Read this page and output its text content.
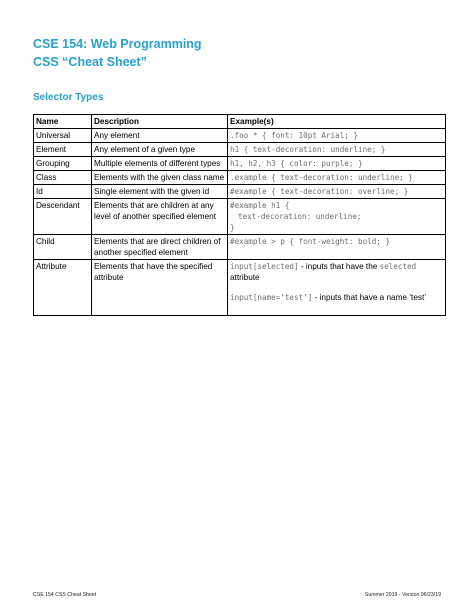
CSE 154: Web Programming
CSS “Cheat Sheet”
Selector Types
Name	Description	Example(s)
Universal	Any element	.foo * { font: 10pt Arial; }
Element	Any element of a given type	h1 { text-decoration: underline; }
Grouping	Multiple elements of different types	h1, h2, h3 { color: purple; }
Class	Elements with the given class name	.example { text-decoration: underline; }
Id	Single element with the given id	#example { text-decoration: overline; }
Descendant	Elements that are children at any level of another specified element	#example h1 {
text-decoration: underline;
}

Child	Elements that are direct children of another specified element	#example > p { font-weight: bold; }
Attribute	Elements that have the specified attribute	input[selected] - inputs that have the selected
attribute
input[name=’test’] - inputs that have a name ‘test’
CSE 154 CSS Cheat Sheet	Summer 2019 - Version 06/23/19
